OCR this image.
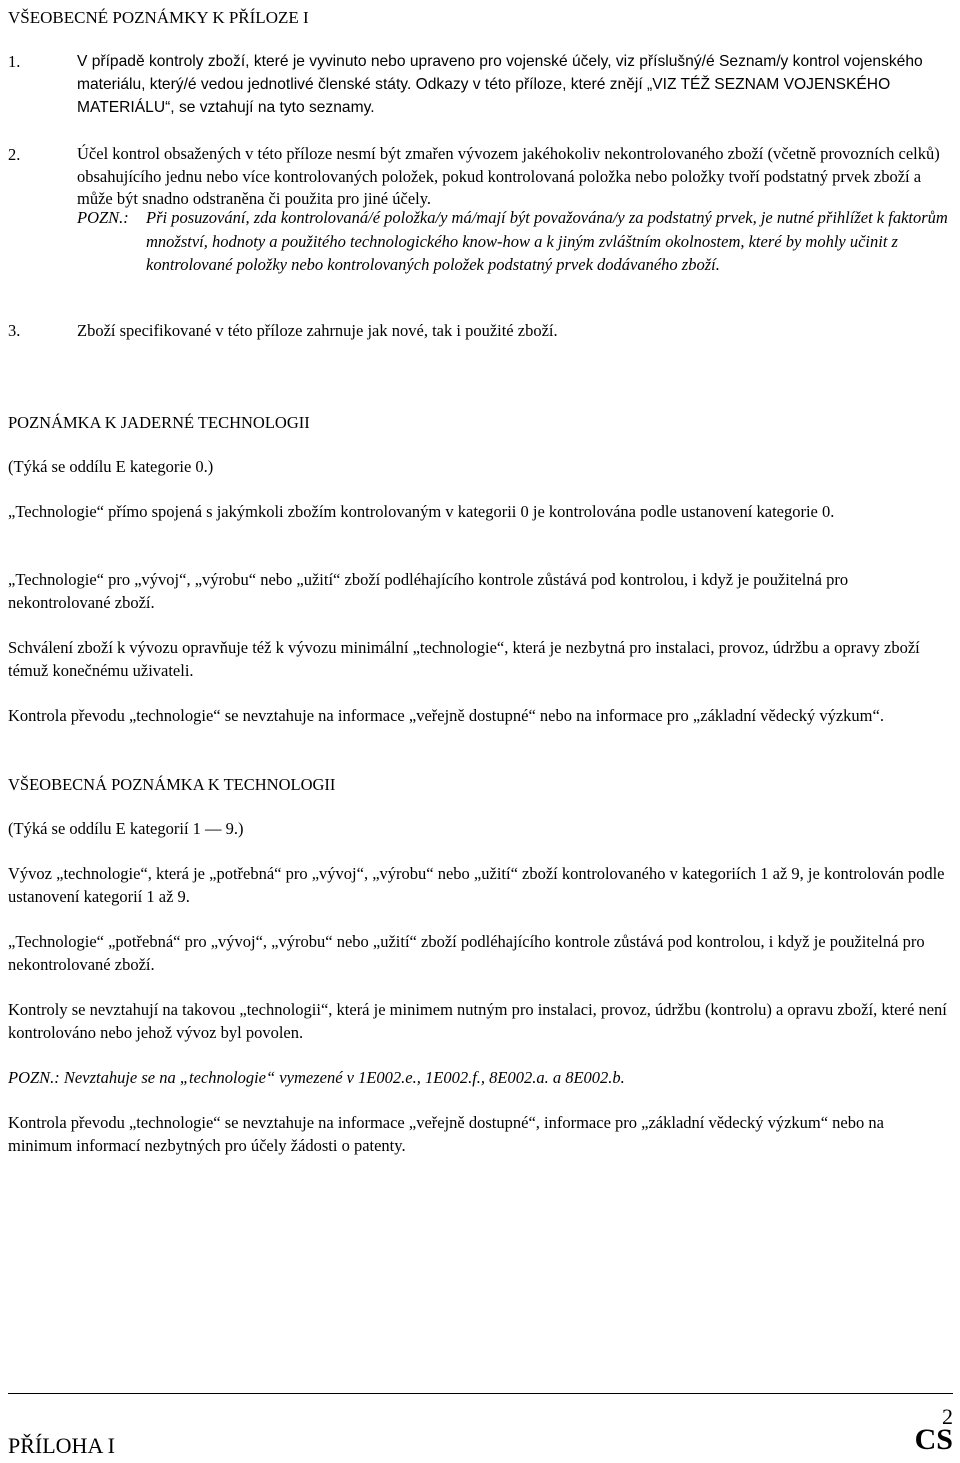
VŠEOBECNÉ POZNÁMKY K PŘÍLOZE I
1.	V případě kontroly zboží, které je vyvinuto nebo upraveno pro vojenské účely, viz příslušný/é Seznam/y kontrol vojenského materiálu, který/é vedou jednotlivé členské státy. Odkazy v této příloze, které znějí „VIZ TÉŽ SEZNAM VOJENSKÉHO MATERIÁLU“, se vztahují na tyto seznamy.

2.	Účel kontrol obsažených v této příloze nesmí být zmařen vývozem jakéhokoliv nekontrolovaného zboží (včetně provozních celků) obsahujícího jednu nebo více kontrolovaných položek, pokud kontrolovaná položka nebo položky tvoří podstatný prvek zboží a může být snadno odstraněna či použita pro jiné účely.

POZN.: Při posuzování, zda kontrolovaná/é položka/y má/mají být považována/y za podstatný prvek, je nutné přihlížet k faktorům množství, hodnoty a použitého technologického know-how a k jiným zvláštním okolnostem, které by mohly učinit z kontrolované položky nebo kontrolovaných položek podstatný prvek dodávaného zboží.

3.	Zboží specifikované v této příloze zahrnuje jak nové, tak i použité zboží.

POZNÁMKA K JADERNÉ TECHNOLOGII

(Týká se oddílu E kategorie 0.)

„Technologie“ přímo spojená s jakýmkoli zbožím kontrolovaným v kategorii 0 je kontrolována podle ustanovení kategorie 0.

„Technologie“ pro „vývoj“, „výrobu“ nebo „užití“ zboží podléhajícího kontrole zůstává pod kontrolou, i když je použitelná pro nekontrolované zboží.

Schválení zboží k vývozu opravňuje též k vývozu minimální „technologie“, která je nezbytná pro instalaci, provoz, údržbu a opravy zboží témuž konečnému uživateli.

Kontrola převodu „technologie“ se nevztahuje na informace „veřejně dostupné“ nebo na informace pro „základní vědecký výzkum“.

VŠEOBECNÁ POZNÁMKA K TECHNOLOGII

(Týká se oddílu E kategorií 1 — 9.)

Vývoz „technologie“, která je „potřebná“ pro „vývoj“, „výrobu“ nebo „užití“ zboží kontrolovaného v kategoriích 1 až 9, je kontrolován podle ustanovení kategorií 1 až 9.

„Technologie“ „potřebná“ pro „vývoj“, „výrobu“ nebo „užití“ zboží podléhajícího kontrole zůstává pod kontrolou, i když je použitelná pro nekontrolované zboží.

Kontroly se nevztahují na takovou „technologii“, která je minimem nutným pro instalaci, provoz, údržbu (kontrolu) a opravu zboží, které není kontrolováno nebo jehož vývoz byl povolen.

POZN.: Nevztahuje se na „technologie“ vymezené v 1E002.e., 1E002.f., 8E002.a. a 8E002.b.

Kontrola převodu „technologie“ se nevztahuje na informace „veřejně dostupné“, informace pro „základní vědecký výzkum“ nebo na minimum informací nezbytných pro účely žádosti o patenty.

2
PŘÍLOHA I	CS
